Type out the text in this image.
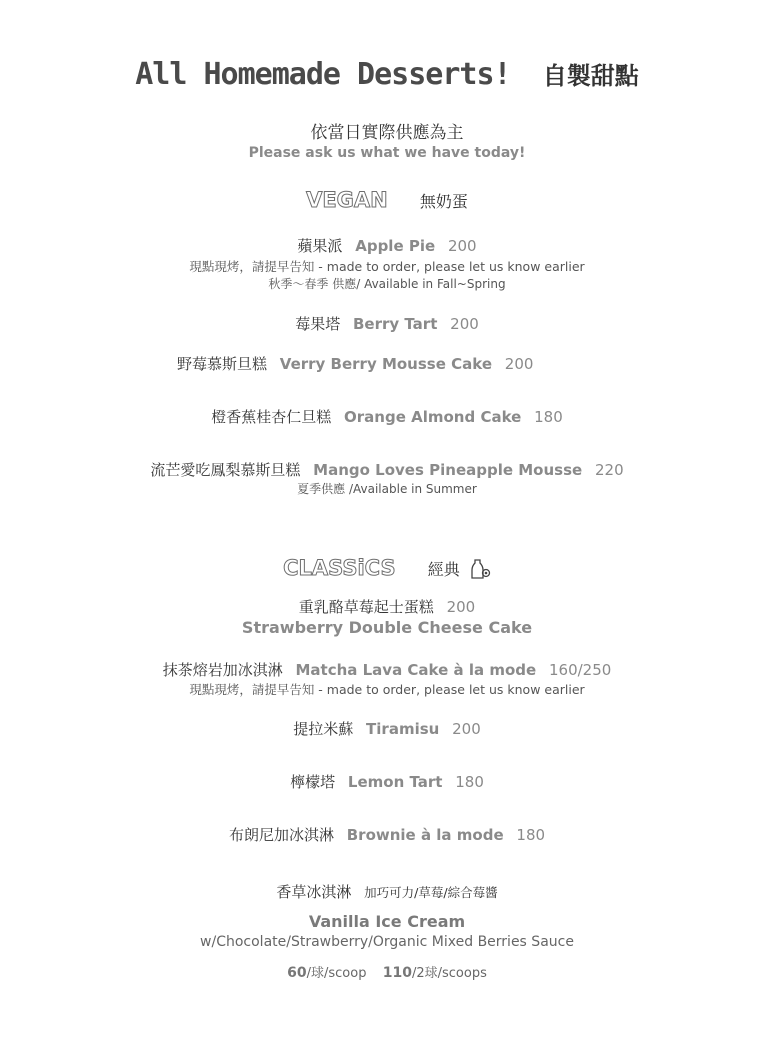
All Homemade Desserts! 自製甜點
依當日實際供應為主
Please ask us what we have today!
VEGAN 無奶蛋
蘋果派 Apple Pie 200
現點現烤，請提早告知 - made to order, please let us know earlier
秋季～春季 供應/ Available in Fall~Spring
莓果塔 Berry Tart 200
野莓慕斯旦糕 Verry Berry Mousse Cake 200
橙香蕉桂杏仁旦糕 Orange Almond Cake 180
流芒愛吃鳳梨慕斯旦糕 Mango Loves Pineapple Mousse 220
夏季供應 /Available in Summer
CLASSiCS 經典
重乳酪草莓起士蛋糕 200
Strawberry Double Cheese Cake
抹茶熔岩加冰淇淋 Matcha Lava Cake à la mode 160/250
現點現烤，請提早告知 - made to order, please let us know earlier
提拉米蘇 Tiramisu 200
檸檬塔 Lemon Tart 180
布朗尼加冰淇淋 Brownie à la mode 180
香草冰淇淋 加巧可力/草莓/綜合莓醬
Vanilla Ice Cream
w/Chocolate/Strawberry/Organic Mixed Berries Sauce
60/球/scoop 110/2球/scoops
